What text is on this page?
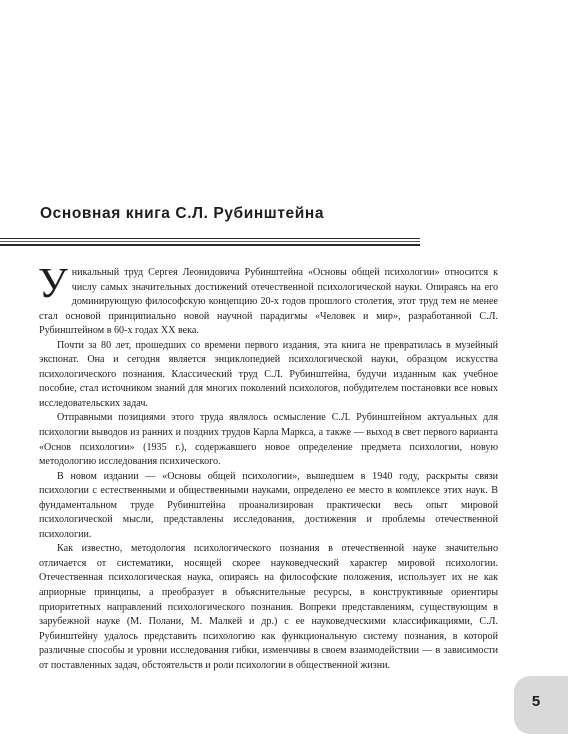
Основная книга С.Л. Рубинштейна

Уникальный труд Сергея Леонидовича Рубинштейна «Основы общей психологии» относится к числу самых значительных достижений отечественной психологической науки. Опираясь на его доминирующую философскую концепцию 20-х годов прошлого столетия, этот труд тем не менее стал основой принципиально новой научной парадигмы «Человек и мир», разработанной С.Л. Рубинштейном в 60-х годах XX века.

Почти за 80 лет, прошедших со времени первого издания, эта книга не превратилась в музейный экспонат. Она и сегодня является энциклопедией психологической науки, образцом искусства психологического познания. Классический труд С.Л. Рубинштейна, будучи изданным как учебное пособие, стал источником знаний для многих поколений психологов, побудителем постановки все новых исследовательских задач.

Отправными позициями этого труда являлось осмысление С.Л. Рубинштейном актуальных для психологии выводов из ранних и поздних трудов Карла Маркса, а также — выход в свет первого варианта «Основ психологии» (1935 г.), содержавшего новое определение предмета психологии, новую методологию исследования психического.

В новом издании — «Основы общей психологии», вышедшем в 1940 году, раскрыты связи психологии с естественными и общественными науками, определено ее место в комплексе этих наук. В фундаментальном труде Рубинштейна проанализирован практически весь опыт мировой психологической мысли, представлены исследования, достижения и проблемы отечественной психологии.

Как известно, методология психологического познания в отечественной науке значительно отличается от систематики, носящей скорее науковедческий характер мировой психологии. Отечественная психологическая наука, опираясь на философские положения, использует их не как априорные принципы, а преобразует в объяснительные ресурсы, в конструктивные ориентиры приоритетных направлений психологического познания. Вопреки представлениям, существующим в зарубежной науке (М. Полани, М. Малкей и др.) с ее науковедческими классификациями, С.Л. Рубинштейну удалось представить психологию как функциональную систему познания, в которой различные способы и уровни исследования гибки, изменчивы в своем взаимодействии — в зависимости от поставленных задач, обстоятельств и роли психологии в общественной жизни.

5
